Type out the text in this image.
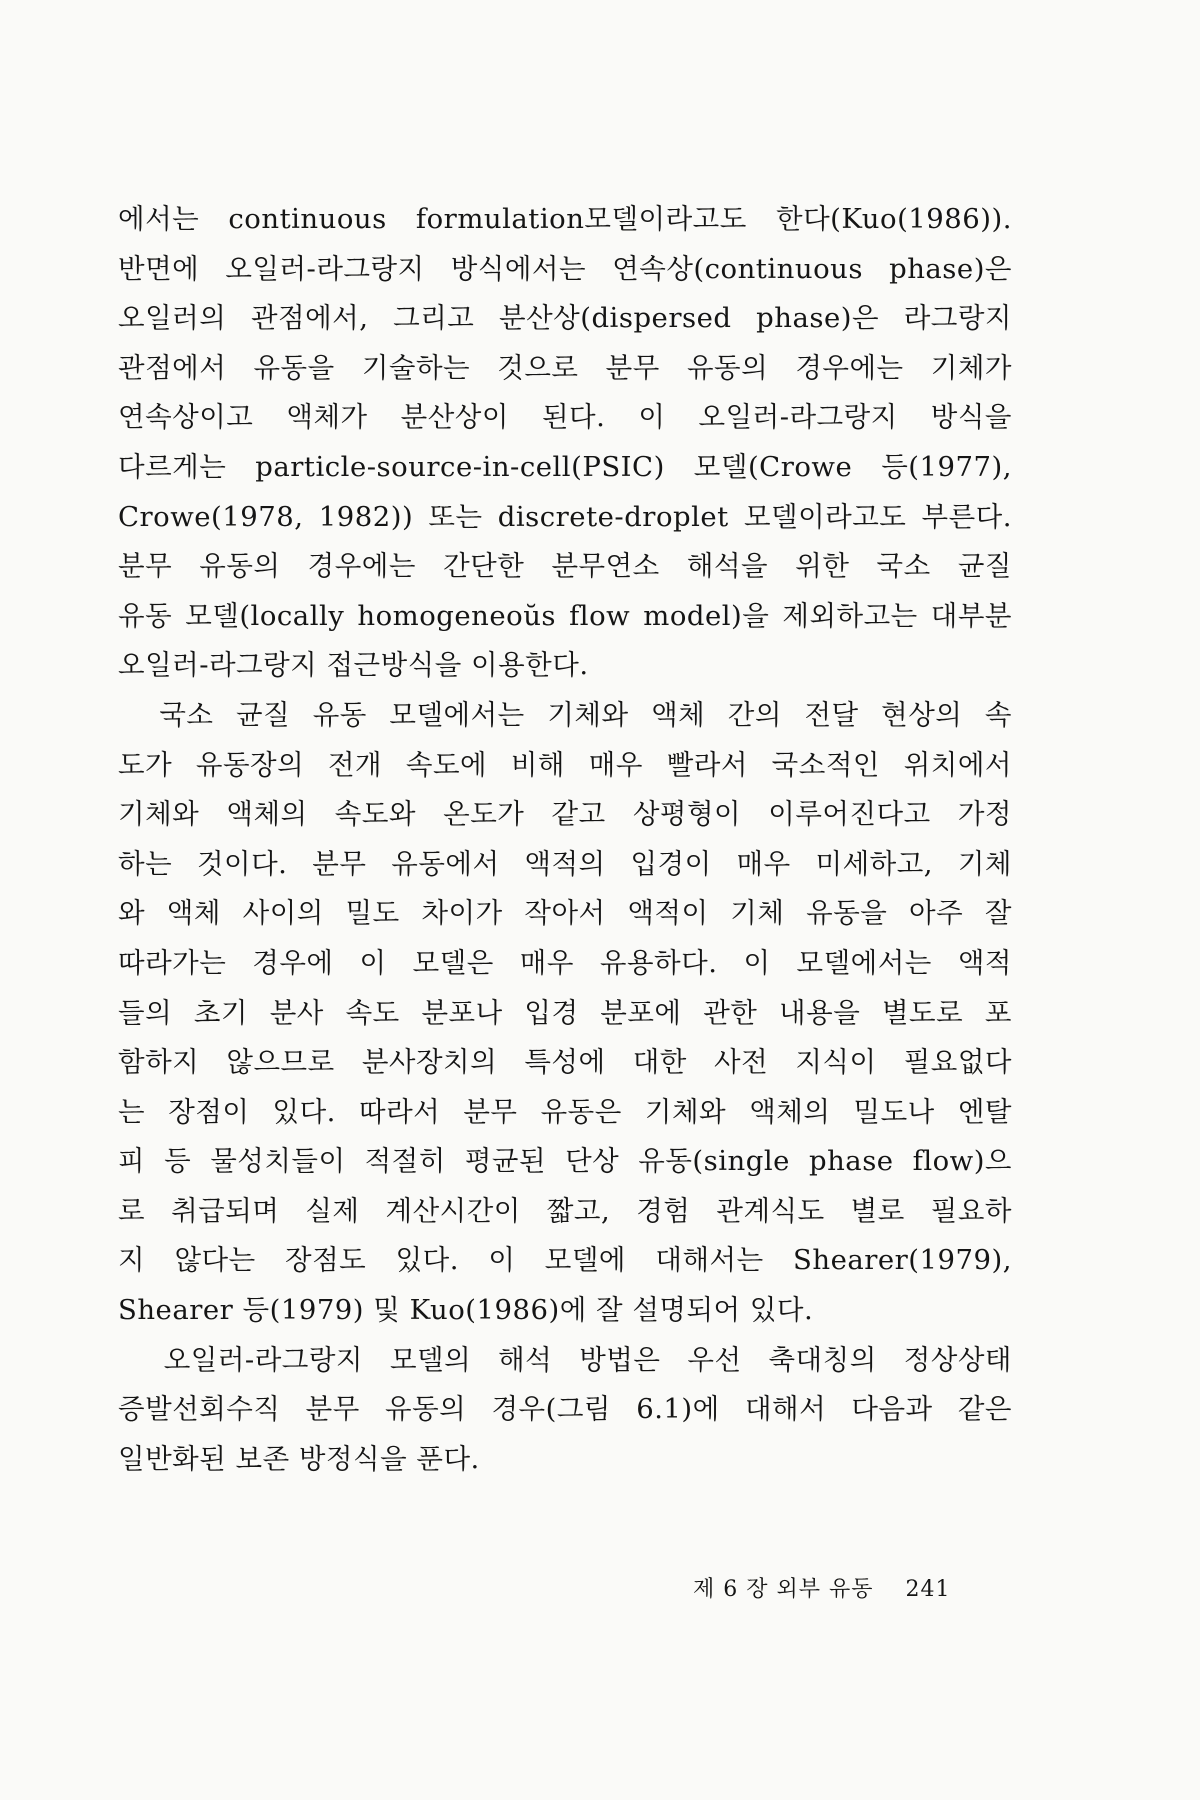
에서는 continuous formulation모델이라고도 한다(Kuo(1986)).
반면에 오일러-라그랑지 방식에서는 연속상(continuous phase)은
오일러의 관점에서, 그리고 분산상(dispersed phase)은 라그랑지
관점에서 유동을 기술하는 것으로 분무 유동의 경우에는 기체가
연속상이고 액체가 분산상이 된다. 이 오일러-라그랑지 방식을
다르게는 particle-source-in-cell(PSIC) 모델(Crowe 등(1977),
Crowe(1978, 1982)) 또는 discrete-droplet 모델이라고도 부른다.
분무 유동의 경우에는 간단한 분무연소 해석을 위한 국소 균질
유동 모델(locally homogeneoŭs flow model)을 제외하고는 대부분
오일러-라그랑지 접근방식을 이용한다.
　국소 균질 유동 모델에서는 기체와 액체 간의 전달 현상의 속
도가 유동장의 전개 속도에 비해 매우 빨라서 국소적인 위치에서
기체와 액체의 속도와 온도가 같고 상평형이 이루어진다고 가정
하는 것이다. 분무 유동에서 액적의 입경이 매우 미세하고, 기체
와 액체 사이의 밀도 차이가 작아서 액적이 기체 유동을 아주 잘
따라가는 경우에 이 모델은 매우 유용하다. 이 모델에서는 액적
들의 초기 분사 속도 분포나 입경 분포에 관한 내용을 별도로 포
함하지 않으므로 분사장치의 특성에 대한 사전 지식이 필요없다
는 장점이 있다. 따라서 분무 유동은 기체와 액체의 밀도나 엔탈
피 등 물성치들이 적절히 평균된 단상 유동(single phase flow)으
로 취급되며 실제 계산시간이 짧고, 경험 관계식도 별로 필요하
지 않다는 장점도 있다. 이 모델에 대해서는 Shearer(1979),
Shearer 등(1979) 및 Kuo(1986)에 잘 설명되어 있다.
　오일러-라그랑지 모델의 해석 방법은 우선 축대칭의 정상상태
증발선회수직 분무 유동의 경우(그림 6.1)에 대해서 다음과 같은
일반화된 보존 방정식을 푼다.
제 6 장 외부 유동 241
